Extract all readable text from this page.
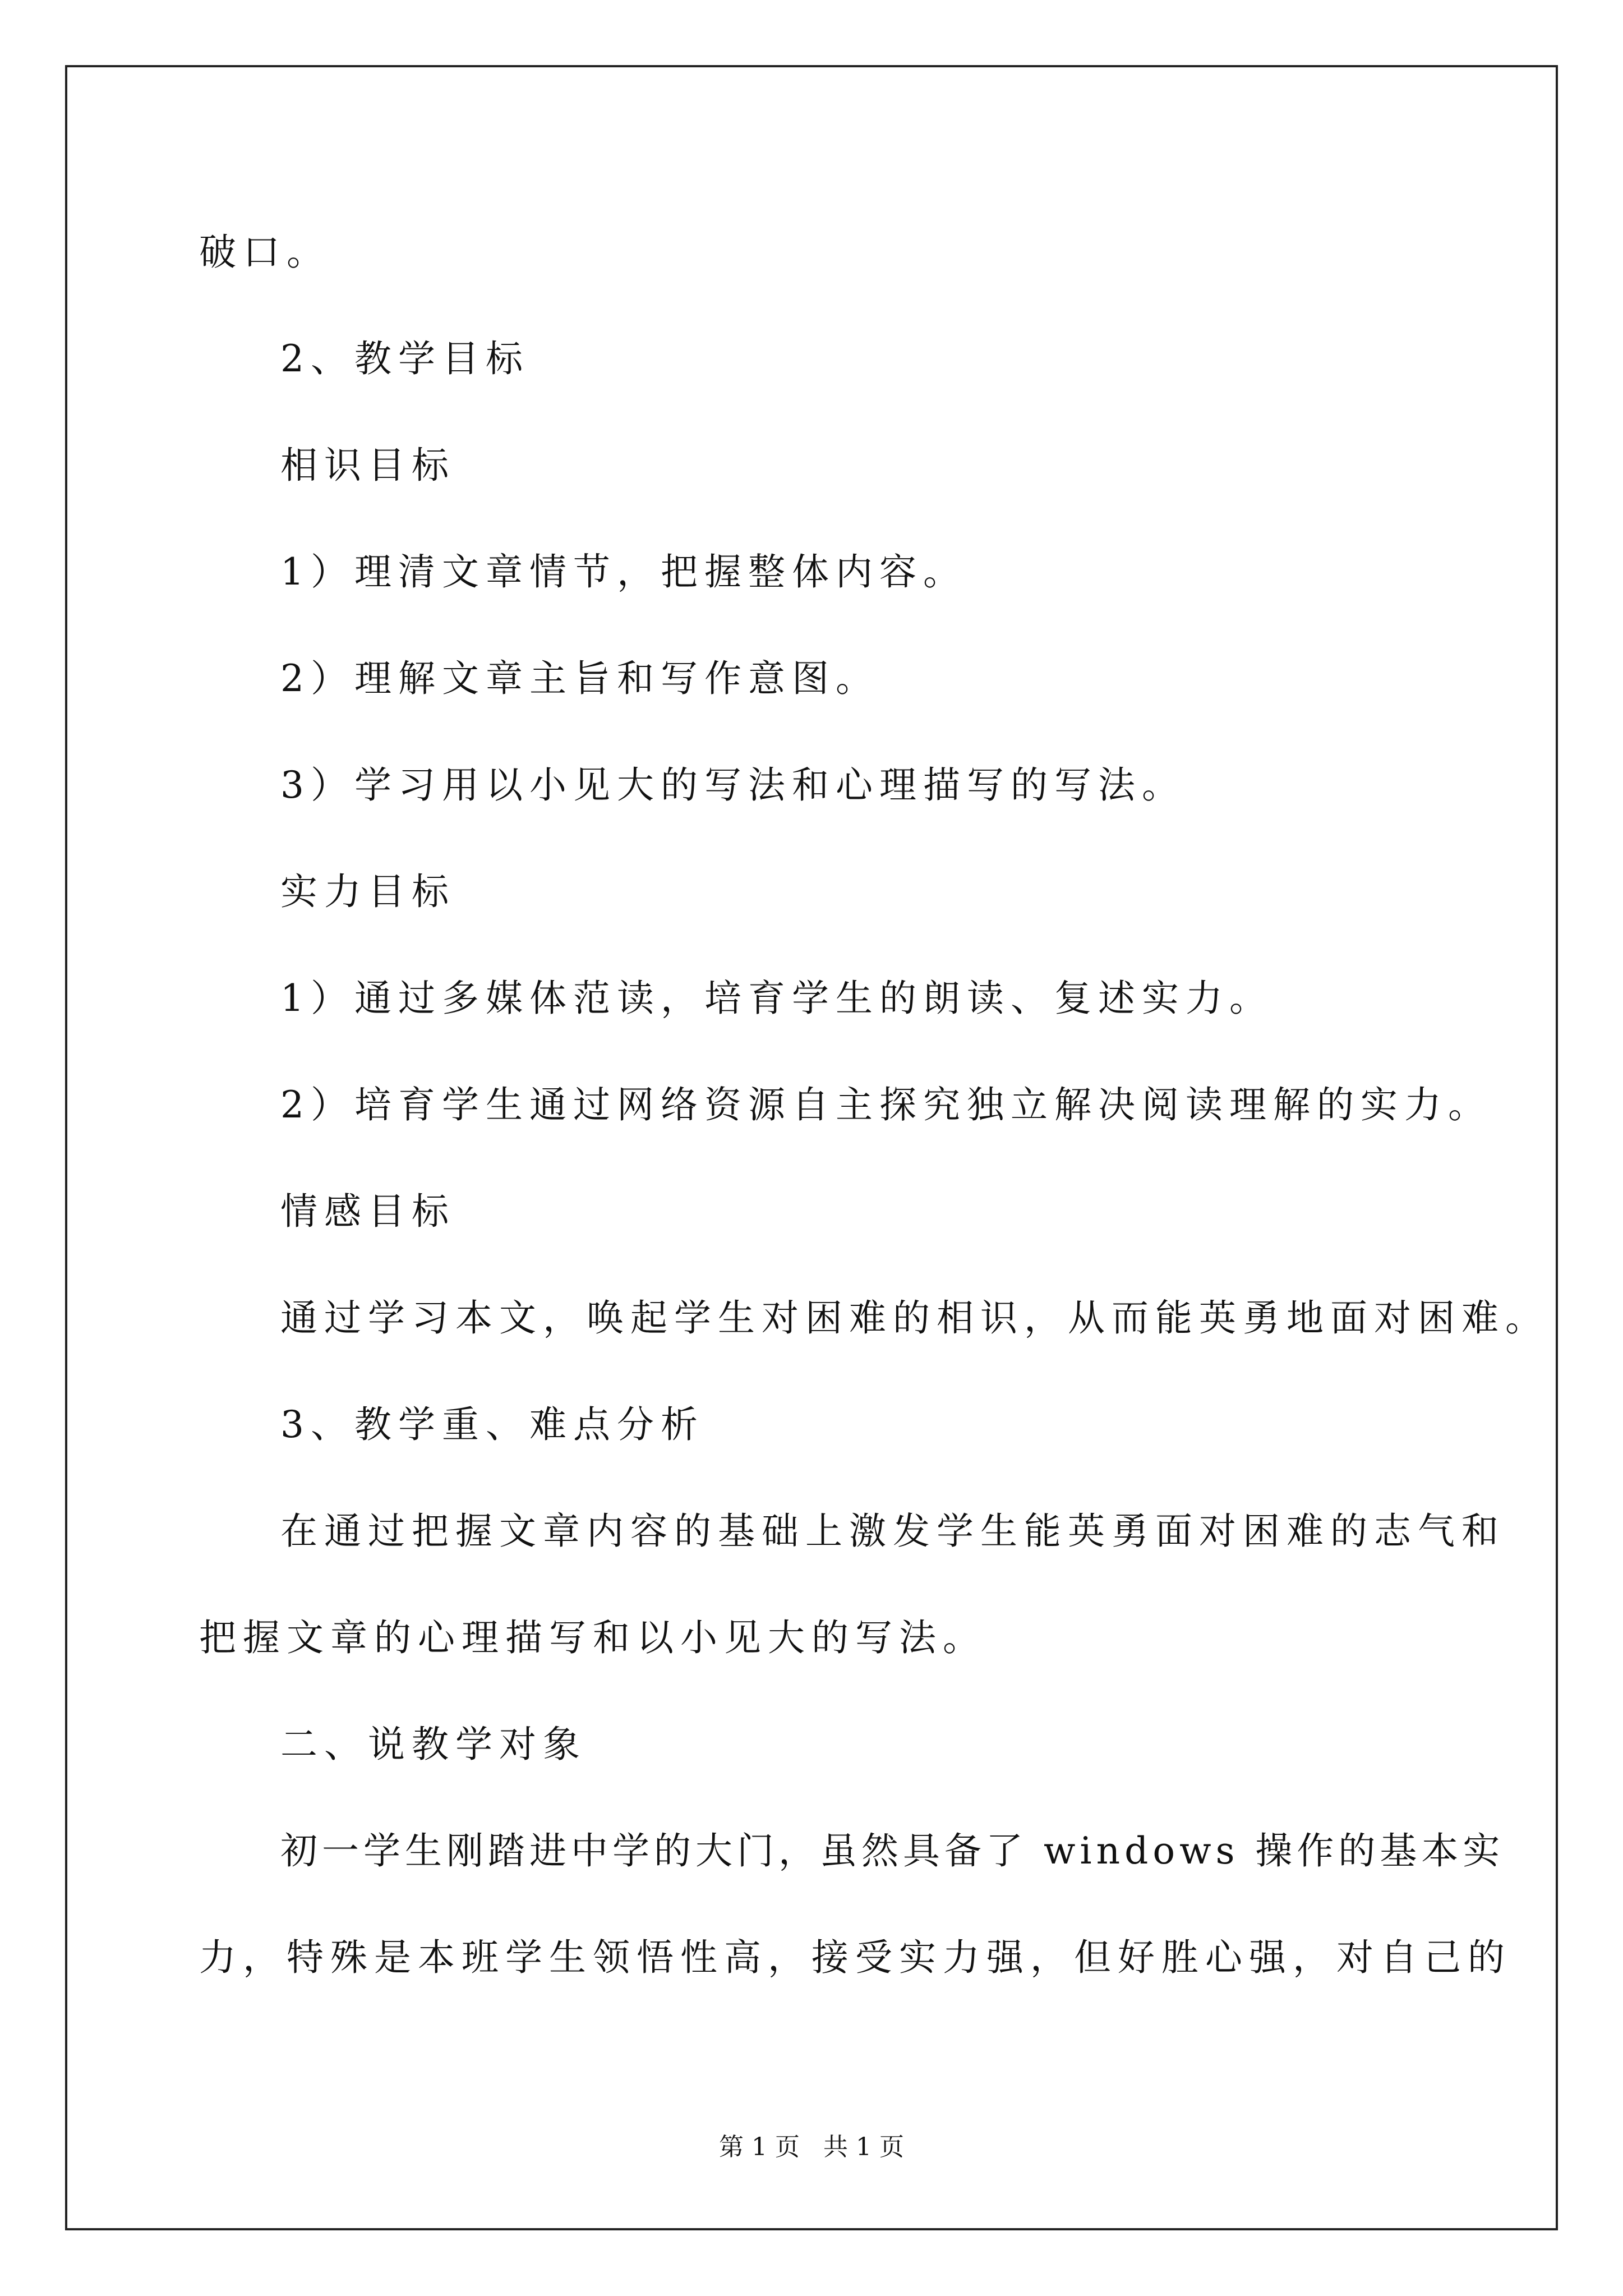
破口。
2、教学目标
相识目标
1）理清文章情节，把握整体内容。
2）理解文章主旨和写作意图。
3）学习用以小见大的写法和心理描写的写法。
实力目标
1）通过多媒体范读，培育学生的朗读、复述实力。
2）培育学生通过网络资源自主探究独立解决阅读理解的实力。
情感目标
通过学习本文，唤起学生对困难的相识，从而能英勇地面对困难。
3、教学重、难点分析
在通过把握文章内容的基础上激发学生能英勇面对困难的志气和
把握文章的心理描写和以小见大的写法。
二、说教学对象
初一学生刚踏进中学的大门，虽然具备了 windows 操作的基本实
力，特殊是本班学生领悟性高，接受实力强，但好胜心强，对自己的
第 1 页 共 1 页
